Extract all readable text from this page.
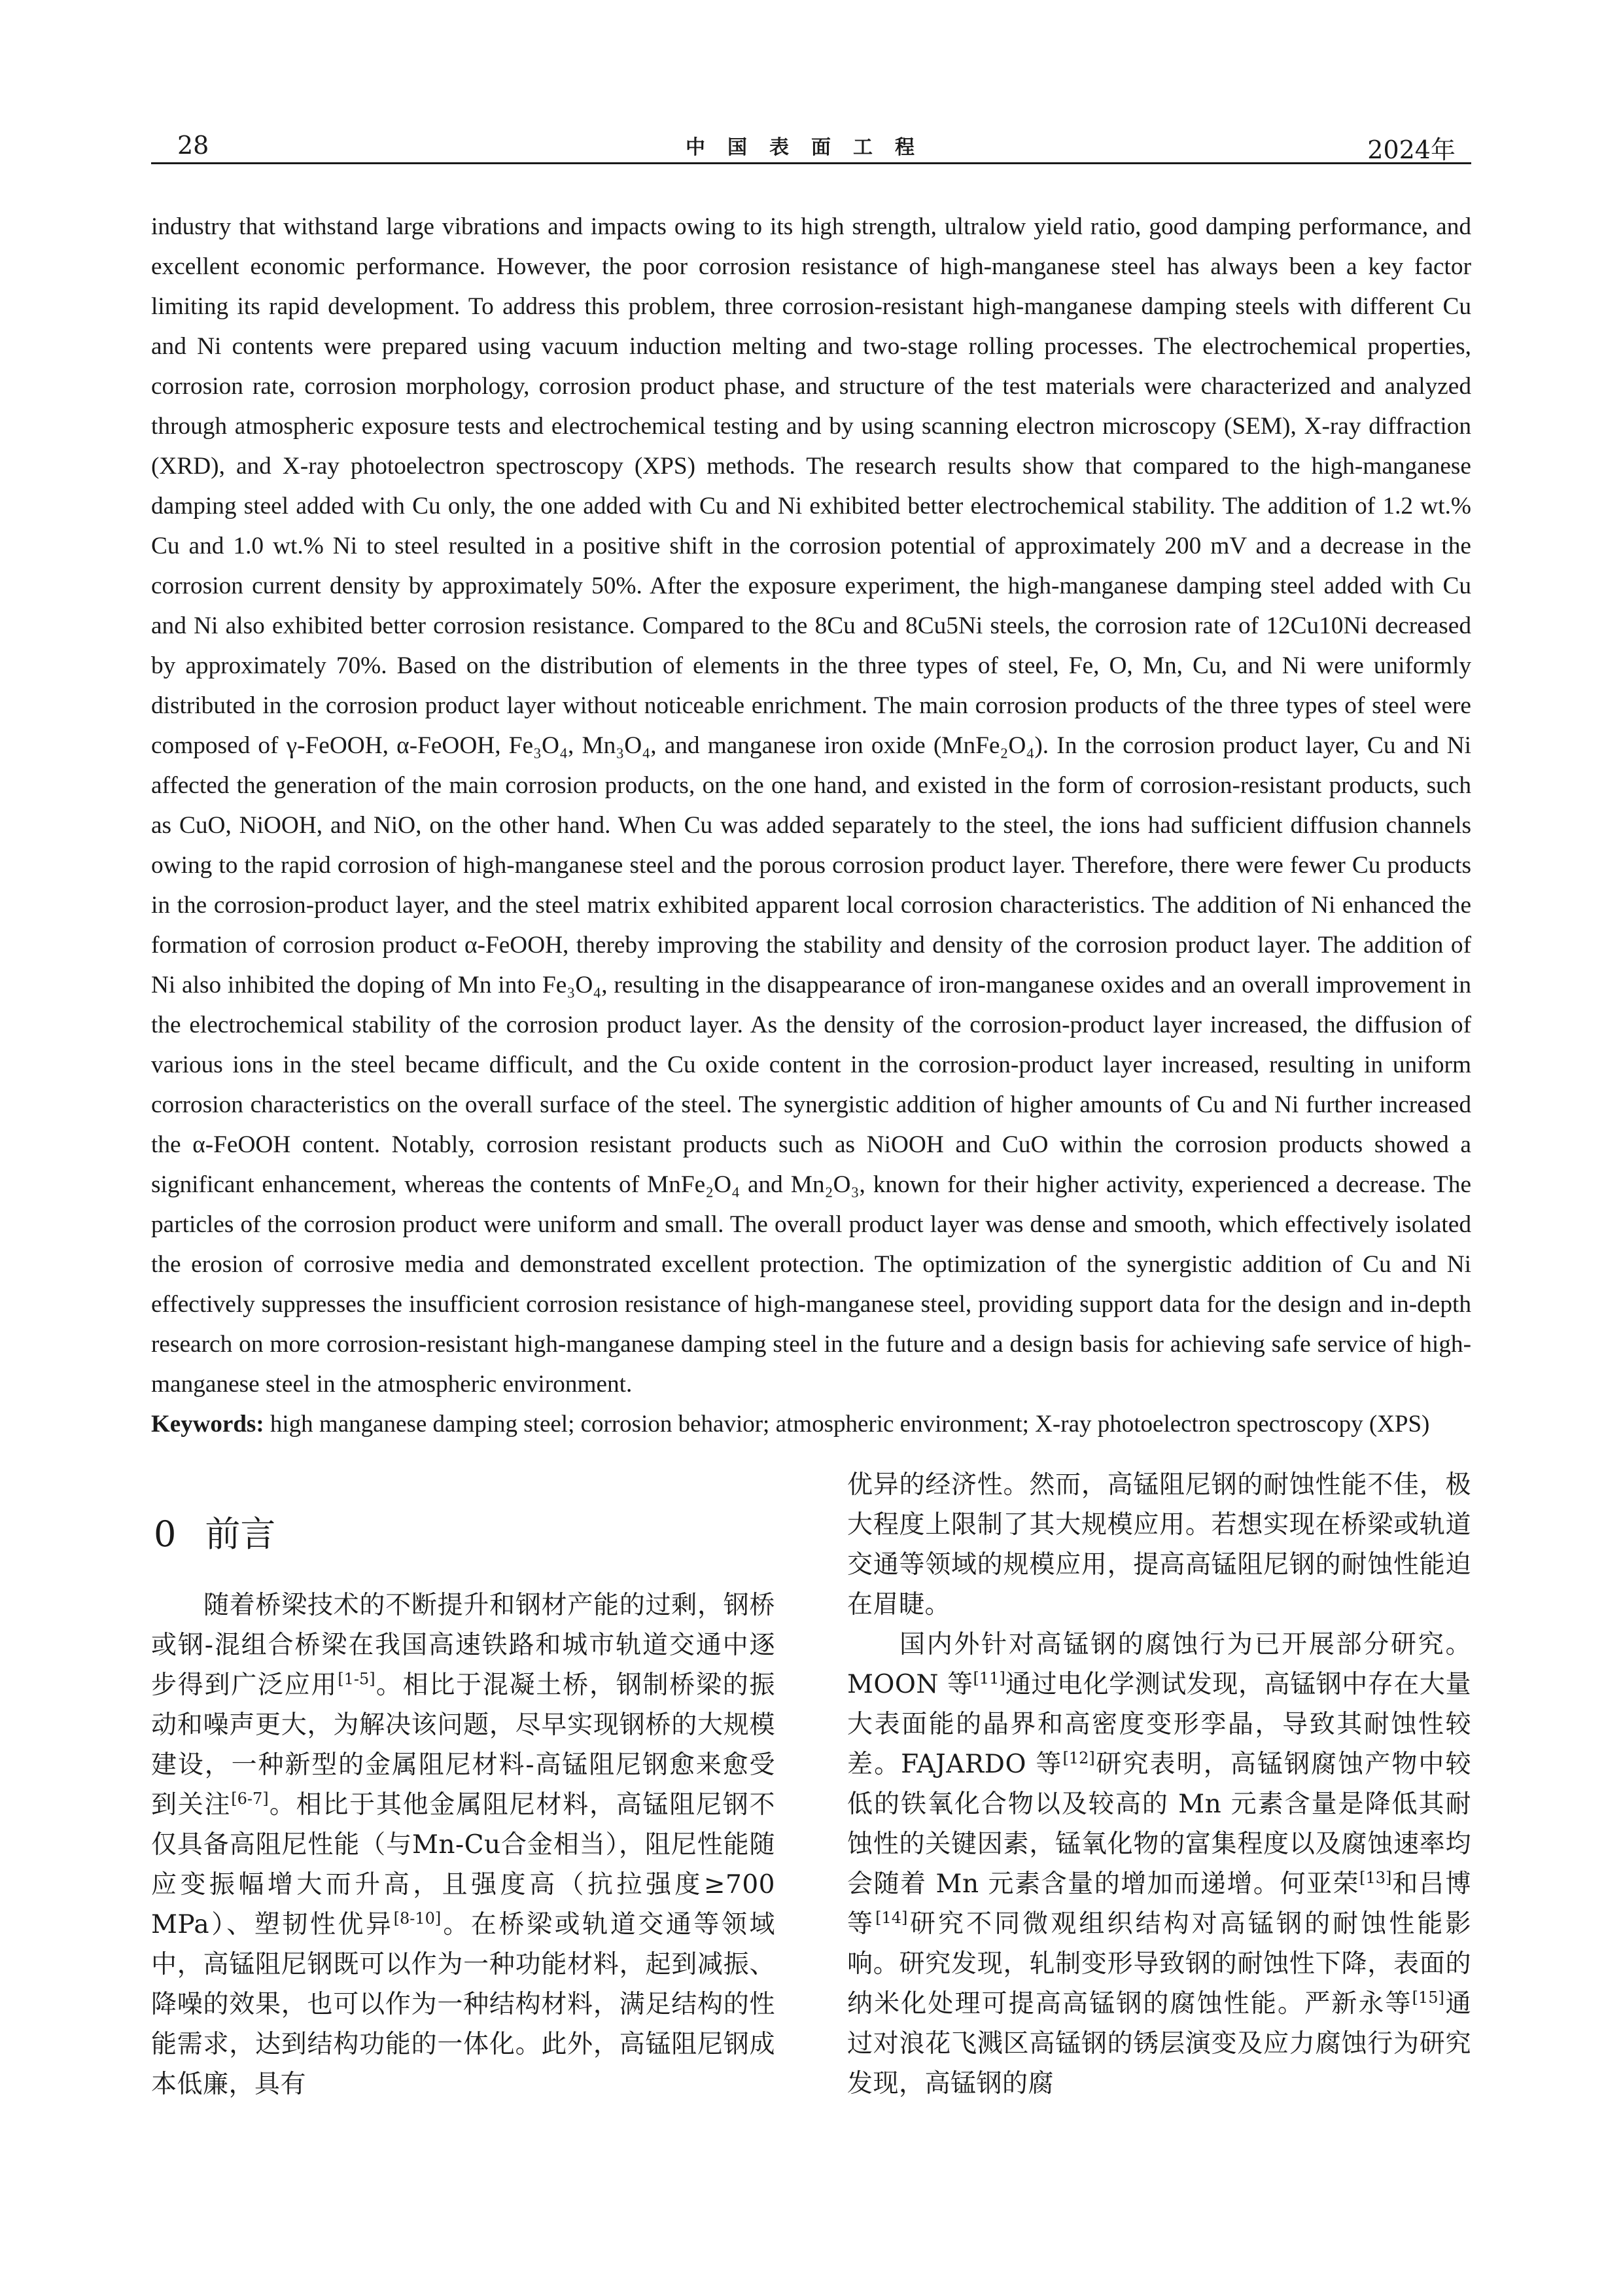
28	中国表面工程	2024年

industry that withstand large vibrations and impacts owing to its high strength, ultralow yield ratio, good damping performance, and excellent economic performance. However, the poor corrosion resistance of high-manganese steel has always been a key factor limiting its rapid development. To address this problem, three corrosion-resistant high-manganese damping steels with different Cu and Ni contents were prepared using vacuum induction melting and two-stage rolling processes. The electrochemical properties, corrosion rate, corrosion morphology, corrosion product phase, and structure of the test materials were characterized and analyzed through atmospheric exposure tests and electrochemical testing and by using scanning electron microscopy (SEM), X-ray diffraction (XRD), and X-ray photoelectron spectroscopy (XPS) methods. The research results show that compared to the high-manganese damping steel added with Cu only, the one added with Cu and Ni exhibited better electrochemical stability. The addition of 1.2 wt.% Cu and 1.0 wt.% Ni to steel resulted in a positive shift in the corrosion potential of approximately 200 mV and a decrease in the corrosion current density by approximately 50%. After the exposure experiment, the high-manganese damping steel added with Cu and Ni also exhibited better corrosion resistance. Compared to the 8Cu and 8Cu5Ni steels, the corrosion rate of 12Cu10Ni decreased by approximately 70%. Based on the distribution of elements in the three types of steel, Fe, O, Mn, Cu, and Ni were uniformly distributed in the corrosion product layer without noticeable enrichment. The main corrosion products of the three types of steel were composed of γ-FeOOH, α-FeOOH, Fe₃O₄, Mn₃O₄, and manganese iron oxide (MnFe₂O₄). In the corrosion product layer, Cu and Ni affected the generation of the main corrosion products, on the one hand, and existed in the form of corrosion-resistant products, such as CuO, NiOOH, and NiO, on the other hand. When Cu was added separately to the steel, the ions had sufficient diffusion channels owing to the rapid corrosion of high-manganese steel and the porous corrosion product layer. Therefore, there were fewer Cu products in the corrosion-product layer, and the steel matrix exhibited apparent local corrosion characteristics. The addition of Ni enhanced the formation of corrosion product α-FeOOH, thereby improving the stability and density of the corrosion product layer. The addition of Ni also inhibited the doping of Mn into Fe₃O₄, resulting in the disappearance of iron-manganese oxides and an overall improvement in the electrochemical stability of the corrosion product layer. As the density of the corrosion-product layer increased, the diffusion of various ions in the steel became difficult, and the Cu oxide content in the corrosion-product layer increased, resulting in uniform corrosion characteristics on the overall surface of the steel. The synergistic addition of higher amounts of Cu and Ni further increased the α-FeOOH content. Notably, corrosion resistant products such as NiOOH and CuO within the corrosion products showed a significant enhancement, whereas the contents of MnFe₂O₄ and Mn₂O₃, known for their higher activity, experienced a decrease. The particles of the corrosion product were uniform and small. The overall product layer was dense and smooth, which effectively isolated the erosion of corrosive media and demonstrated excellent protection. The optimization of the synergistic addition of Cu and Ni effectively suppresses the insufficient corrosion resistance of high-manganese steel, providing support data for the design and in-depth research on more corrosion-resistant high-manganese damping steel in the future and a design basis for achieving safe service of high-manganese steel in the atmospheric environment.

Keywords: high manganese damping steel; corrosion behavior; atmospheric environment; X-ray photoelectron spectroscopy (XPS)
0 前言

随着桥梁技术的不断提升和钢材产能的过剩，钢桥或钢-混组合桥梁在我国高速铁路和城市轨道交通中逐步得到广泛应用[1-5]。相比于混凝土桥，钢制桥梁的振动和噪声更大，为解决该问题，尽早实现钢桥的大规模建设，一种新型的金属阻尼材料-高锰阻尼钢愈来愈受到关注[6-7]。相比于其他金属阻尼材料，高锰阻尼钢不仅具备高阻尼性能（与Mn-Cu合金相当），阻尼性能随应变振幅增大而升高，且强度高（抗拉强度≥700 MPa）、塑韧性优异[8-10]。在桥梁或轨道交通等领域中，高锰阻尼钢既可以作为一种功能材料，起到减振、降噪的效果，也可以作为一种结构材料，满足结构的性能需求，达到结构功能的一体化。此外，高锰阻尼钢成本低廉，具有

优异的经济性。然而，高锰阻尼钢的耐蚀性能不佳，极大程度上限制了其大规模应用。若想实现在桥梁或轨道交通等领域的规模应用，提高高锰阻尼钢的耐蚀性能迫在眉睫。

国内外针对高锰钢的腐蚀行为已开展部分研究。MOON 等[11]通过电化学测试发现，高锰钢中存在大量大表面能的晶界和高密度变形孪晶，导致其耐蚀性较差。FAJARDO 等[12]研究表明，高锰钢腐蚀产物中较低的铁氧化合物以及较高的 Mn 元素含量是降低其耐蚀性的关键因素，锰氧化物的富集程度以及腐蚀速率均会随着 Mn 元素含量的增加而递增。何亚荣[13]和吕博等[14]研究不同微观组织结构对高锰钢的耐蚀性能影响。研究发现，轧制变形导致钢的耐蚀性下降，表面的纳米化处理可提高高锰钢的腐蚀性能。严新永等[15]通过对浪花飞溅区高锰钢的锈层演变及应力腐蚀行为研究发现，高锰钢的腐
